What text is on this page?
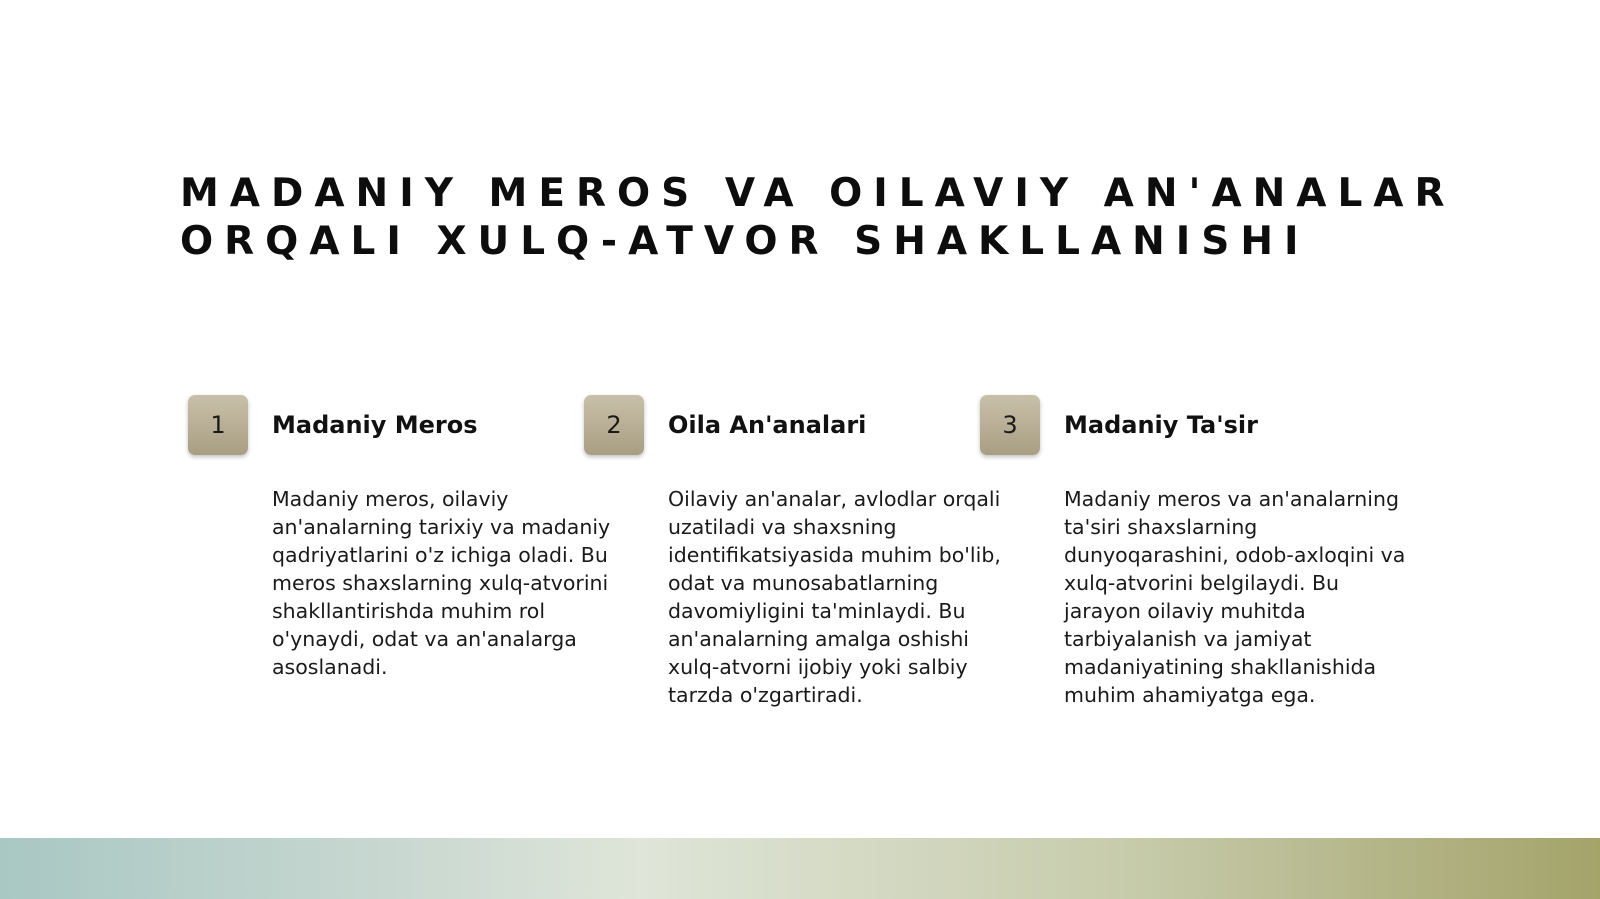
MADANIY MEROS VA OILAVIY AN'ANALAR
ORQALI XULQ-ATVOR SHAKLLANISHI
1	Madaniy Meros

Madaniy meros, oilaviy an'analarning tarixiy va madaniy qadriyatlarini o'z ichiga oladi. Bu meros shaxslarning xulq-atvorini shakllantirishda muhim rol o'ynaydi, odat va an'analarga asoslanadi.

2	Oila An'analari

Oilaviy an'analar, avlodlar orqali uzatiladi va shaxsning identifikatsiyasida muhim bo'lib, odat va munosabatlarning davomiyligini ta'minlaydi. Bu an'analarning amalga oshishi xulq-atvorni ijobiy yoki salbiy tarzda o'zgartiradi.

3	Madaniy Ta'sir

Madaniy meros va an'analarning ta'siri shaxslarning dunyoqarashini, odob-axloqini va xulq-atvorini belgilaydi. Bu jarayon oilaviy muhitda tarbiyalanish va jamiyat madaniyatining shakllanishida muhim ahamiyatga ega.
